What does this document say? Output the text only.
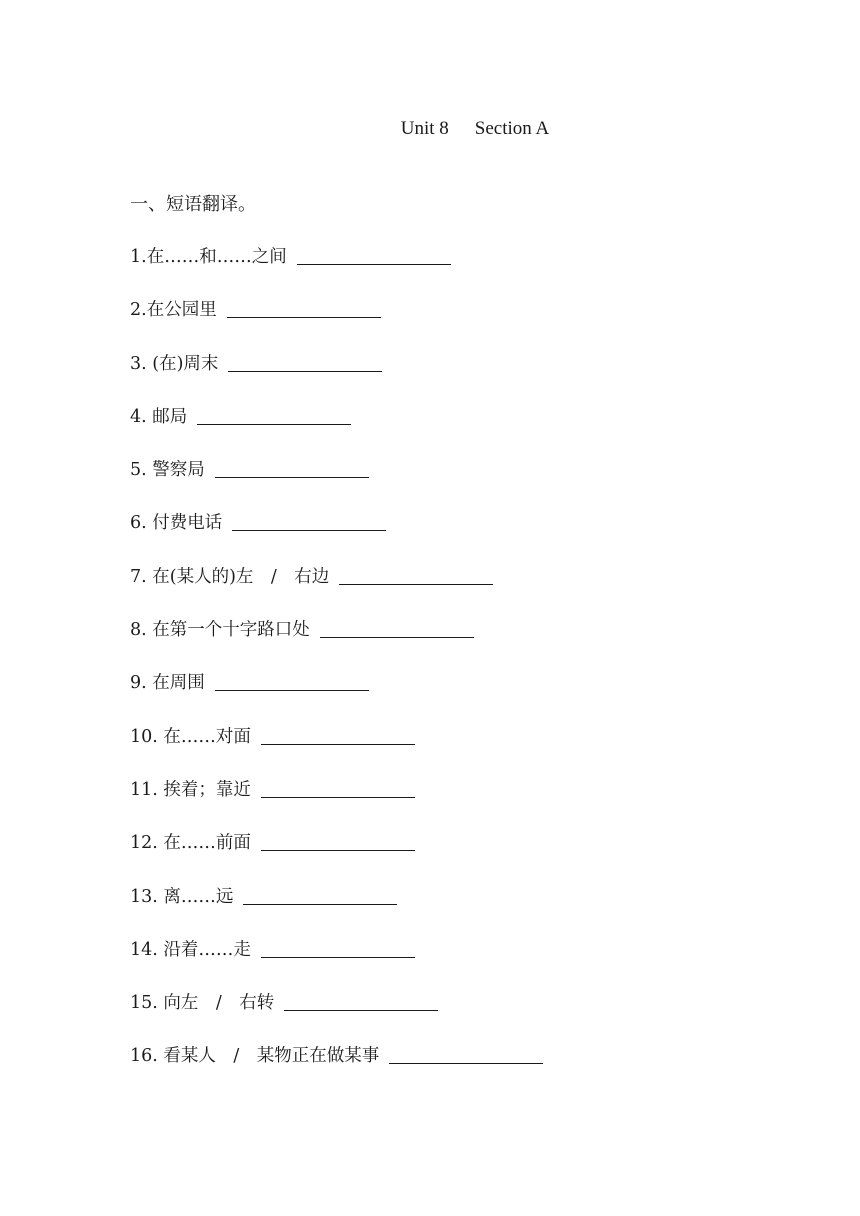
Unit 8 Section A
一、短语翻译。
1.在……和……之间
2.在公园里
3. (在)周末
4. 邮局
5. 警察局
6. 付费电话
7. 在(某人的)左　/　右边
8. 在第一个十字路口处
9. 在周围
10. 在……对面
11. 挨着；靠近
12. 在……前面
13. 离……远
14. 沿着……走
15. 向左　/　右转
16. 看某人　/　某物正在做某事
